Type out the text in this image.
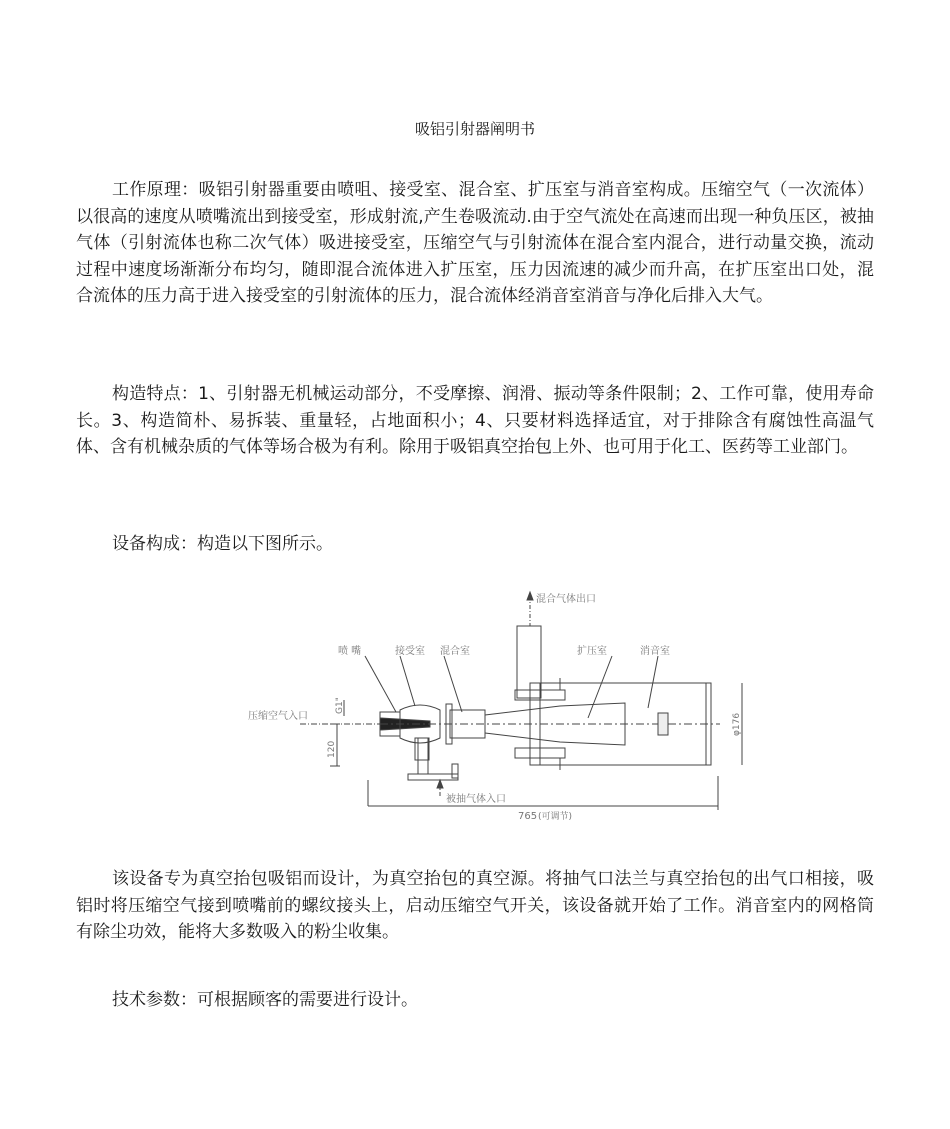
吸铝引射器阐明书

工作原理：吸铝引射器重要由喷咀、接受室、混合室、扩压室与消音室构成。压缩空气（一次流体）以很高的速度从喷嘴流出到接受室，形成射流,产生卷吸流动.由于空气流处在高速而出现一种负压区，被抽气体（引射流体也称二次气体）吸进接受室，压缩空气与引射流体在混合室内混合，进行动量交换，流动过程中速度场渐渐分布均匀，随即混合流体进入扩压室，压力因流速的减少而升高，在扩压室出口处，混合流体的压力高于进入接受室的引射流体的压力，混合流体经消音室消音与净化后排入大气。

构造特点：1、引射器无机械运动部分，不受摩擦、润滑、振动等条件限制；2、工作可靠，使用寿命长。3、构造简朴、易拆装、重量轻，占地面积小；4、只要材料选择适宜，对于排除含有腐蚀性高温气体、含有机械杂质的气体等场合极为有利。除用于吸铝真空抬包上外、也可用于化工、医药等工业部门。

设备构成：构造以下图所示。

混合气体出口
喷 嘴	接受室 混合室	扩压室	消音室
压缩空气入口
被抽气体入口
G1"
120
φ176
765 (可调节)

该设备专为真空抬包吸铝而设计，为真空抬包的真空源。将抽气口法兰与真空抬包的出气口相接，吸铝时将压缩空气接到喷嘴前的螺纹接头上，启动压缩空气开关，该设备就开始了工作。消音室内的网格筒有除尘功效，能将大多数吸入的粉尘收集。

技术参数：可根据顾客的需要进行设计。
